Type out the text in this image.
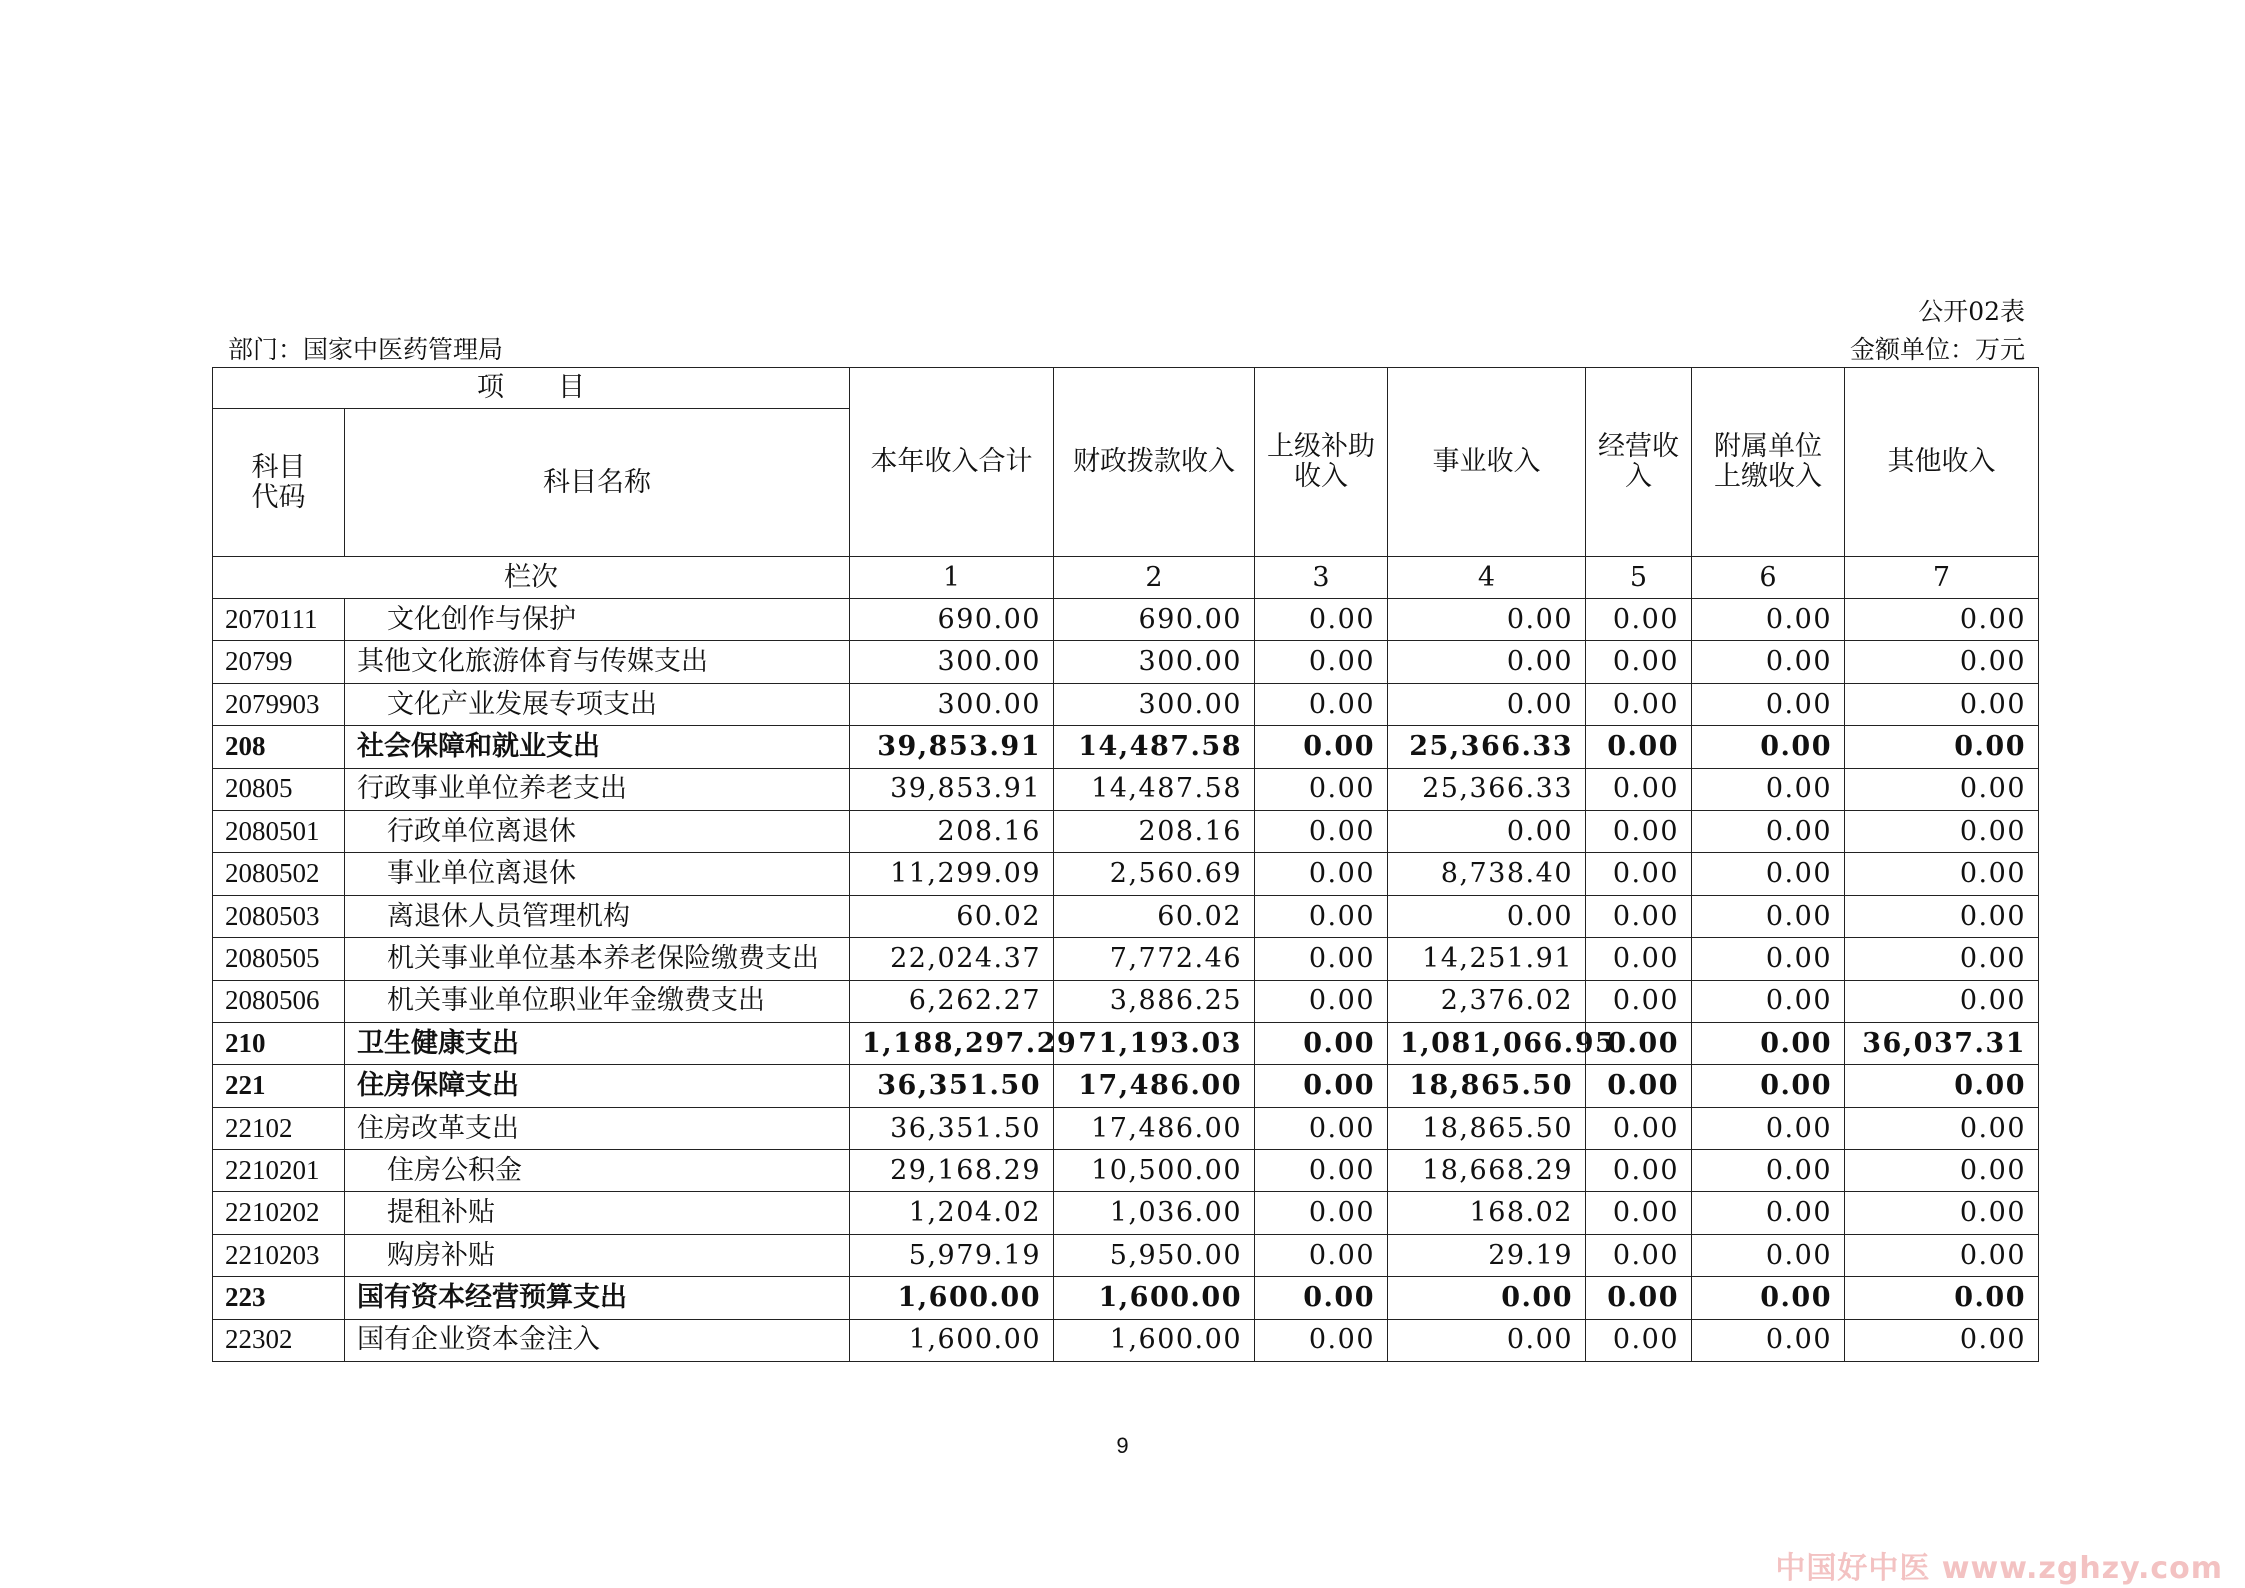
公开02表
部门：国家中医药管理局	金额单位：万元
项　　目		本年收入合计	财政拨款收入	上级补助收入	事业收入	经营收入	附属单位上缴收入	其他收入
科目代码	科目名称							
栏次		1	2	3	4	5	6	7
2070111	文化创作与保护	690.00	690.00	0.00	0.00	0.00	0.00	0.00
20799	其他文化旅游体育与传媒支出	300.00	300.00	0.00	0.00	0.00	0.00	0.00
2079903	文化产业发展专项支出	300.00	300.00	0.00	0.00	0.00	0.00	0.00
208	社会保障和就业支出	39,853.91	14,487.58	0.00	25,366.33	0.00	0.00	0.00
20805	行政事业单位养老支出	39,853.91	14,487.58	0.00	25,366.33	0.00	0.00	0.00
2080501	行政单位离退休	208.16	208.16	0.00	0.00	0.00	0.00	0.00
2080502	事业单位离退休	11,299.09	2,560.69	0.00	8,738.40	0.00	0.00	0.00
2080503	离退休人员管理机构	60.02	60.02	0.00	0.00	0.00	0.00	0.00
2080505	机关事业单位基本养老保险缴费支出	22,024.37	7,772.46	0.00	14,251.91	0.00	0.00	0.00
2080506	机关事业单位职业年金缴费支出	6,262.27	3,886.25	0.00	2,376.02	0.00	0.00	0.00
210	卫生健康支出	1,188,297.29	71,193.03	0.00	1,081,066.95	0.00	0.00	36,037.31
221	住房保障支出	36,351.50	17,486.00	0.00	18,865.50	0.00	0.00	0.00
22102	住房改革支出	36,351.50	17,486.00	0.00	18,865.50	0.00	0.00	0.00
2210201	住房公积金	29,168.29	10,500.00	0.00	18,668.29	0.00	0.00	0.00
2210202	提租补贴	1,204.02	1,036.00	0.00	168.02	0.00	0.00	0.00
2210203	购房补贴	5,979.19	5,950.00	0.00	29.19	0.00	0.00	0.00
223	国有资本经营预算支出	1,600.00	1,600.00	0.00	0.00	0.00	0.00	0.00
22302	国有企业资本金注入	1,600.00	1,600.00	0.00	0.00	0.00	0.00	0.00
9
中国好中医 www.zghzy.com
